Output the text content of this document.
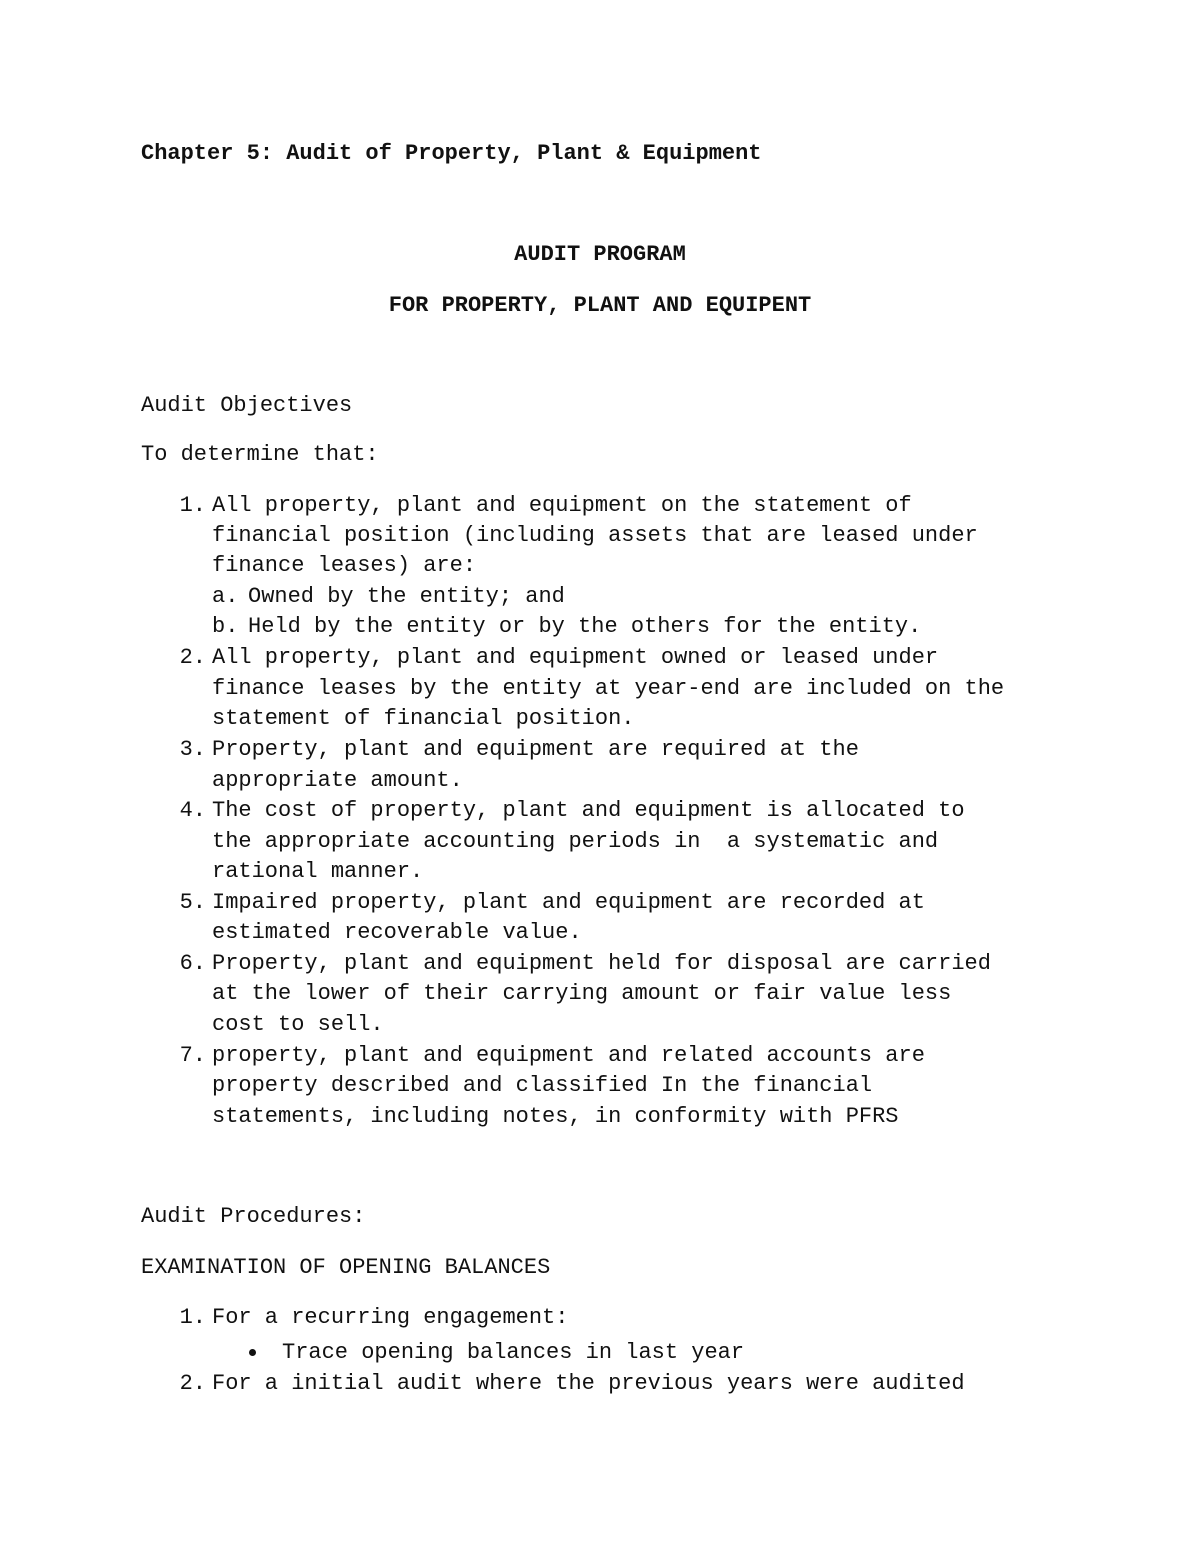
Chapter 5: Audit of Property, Plant & Equipment
AUDIT PROGRAM
FOR PROPERTY, PLANT AND EQUIPENT
Audit Objectives
To determine that:
1. All property, plant and equipment on the statement of
financial position (including assets that are leased under
finance leases) are:
a. Owned by the entity; and
b. Held by the entity or by the others for the entity.
2. All property, plant and equipment owned or leased under
finance leases by the entity at year-end are included on the
statement of financial position.
3. Property, plant and equipment are required at the
appropriate amount.
4. The cost of property, plant and equipment is allocated to
the appropriate accounting periods in  a systematic and
rational manner.
5. Impaired property, plant and equipment are recorded at
estimated recoverable value.
6. Property, plant and equipment held for disposal are carried
at the lower of their carrying amount or fair value less
cost to sell.
7. property, plant and equipment and related accounts are
property described and classified In the financial
statements, including notes, in conformity with PFRS
Audit Procedures:
EXAMINATION OF OPENING BALANCES
1. For a recurring engagement:
Trace opening balances in last year
2. For a initial audit where the previous years were audited
